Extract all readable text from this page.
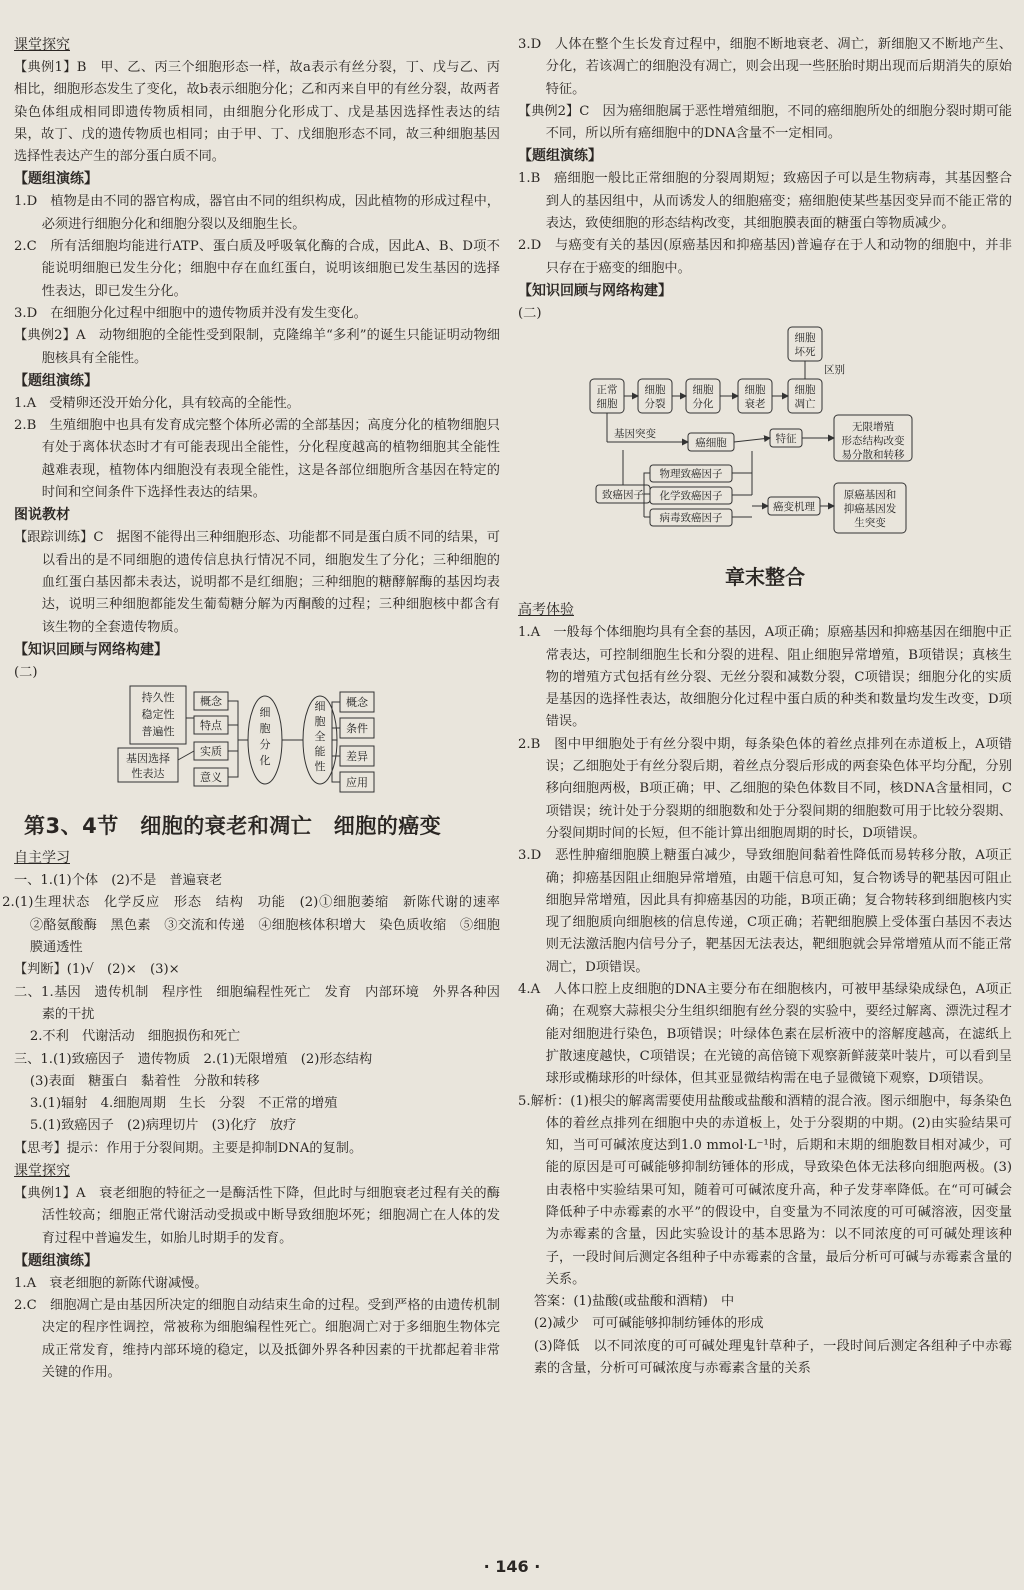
课堂探究

【典例1】B　甲、乙、丙三个细胞形态一样，故a表示有丝分裂，丁、戊与乙、丙相比，细胞形态发生了变化，故b表示细胞分化；乙和丙来自甲的有丝分裂，故两者染色体组成相同即遗传物质相同，由细胞分化形成丁、戊是基因选择性表达的结果，故丁、戊的遗传物质也相同；由于甲、丁、戊细胞形态不同，故三种细胞基因选择性表达产生的部分蛋白质不同。

【题组演练】

1.D　植物是由不同的器官构成，器官由不同的组织构成，因此植物的形成过程中，必须进行细胞分化和细胞分裂以及细胞生长。

2.C　所有活细胞均能进行ATP、蛋白质及呼吸氧化酶的合成，因此A、B、D项不能说明细胞已发生分化；细胞中存在血红蛋白，说明该细胞已发生基因的选择性表达，即已发生分化。

3.D　在细胞分化过程中细胞中的遗传物质并没有发生变化。

【典例2】A　动物细胞的全能性受到限制，克隆绵羊“多利”的诞生只能证明动物细胞核具有全能性。

【题组演练】

1.A　受精卵还没开始分化，具有较高的全能性。

2.B　生殖细胞中也具有发育成完整个体所必需的全部基因；高度分化的植物细胞只有处于离体状态时才有可能表现出全能性，分化程度越高的植物细胞其全能性越难表现，植物体内细胞没有表现全能性，这是各部位细胞所含基因在特定的时间和空间条件下选择性表达的结果。

图说教材

【跟踪训练】C　据图不能得出三种细胞形态、功能都不同是蛋白质不同的结果，可以看出的是不同细胞的遗传信息执行情况不同，细胞发生了分化；三种细胞的血红蛋白基因都未表达，说明都不是红细胞；三种细胞的糖酵解酶的基因均表达，说明三种细胞都能发生葡萄糖分解为丙酮酸的过程；三种细胞核中都含有该生物的全套遗传物质。

【知识回顾与网络构建】
(二)
持久性
稳定性
普遍性
基因选择
性表达
概念
特点
实质
意义
细
胞
分
化
细
胞
全
能
性
概念
条件
差异
应用
第3、4节　细胞的衰老和凋亡　细胞的癌变
自主学习

一、1.(1)个体　(2)不是　普遍衰老

2.(1)生理状态　化学反应　形态　结构　功能　(2)①细胞萎缩　新陈代谢的速率　②酪氨酸酶　黑色素　③交流和传递　④细胞核体积增大　染色质收缩　⑤细胞膜通透性

【判断】(1)√　(2)×　(3)×

二、1.基因　遗传机制　程序性　细胞编程性死亡　发育　内部环境　外界各种因素的干扰

2.不利　代谢活动　细胞损伤和死亡

三、1.(1)致癌因子　遗传物质　2.(1)无限增殖　(2)形态结构

(3)表面　糖蛋白　黏着性　分散和转移

3.(1)辐射　4.细胞周期　生长　分裂　不正常的增殖

5.(1)致癌因子　(2)病理切片　(3)化疗　放疗

【思考】提示：作用于分裂间期。主要是抑制DNA的复制。

课堂探究

【典例1】A　衰老细胞的特征之一是酶活性下降，但此时与细胞衰老过程有关的酶活性较高；细胞正常代谢活动受损或中断导致细胞坏死；细胞凋亡在人体的发育过程中普遍发生，如胎儿时期手的发育。

【题组演练】

1.A　衰老细胞的新陈代谢减慢。

2.C　细胞凋亡是由基因所决定的细胞自动结束生命的过程。受到严格的由遗传机制决定的程序性调控，常被称为细胞编程性死亡。细胞凋亡对于多细胞生物体完成正常发育，维持内部环境的稳定，以及抵御外界各种因素的干扰都起着非常关键的作用。

3.D　人体在整个生长发育过程中，细胞不断地衰老、凋亡，新细胞又不断地产生、分化，若该凋亡的细胞没有凋亡，则会出现一些胚胎时期出现而后期消失的原始特征。

【典例2】C　因为癌细胞属于恶性增殖细胞，不同的癌细胞所处的细胞分裂时期可能不同，所以所有癌细胞中的DNA含量不一定相同。

【题组演练】

1.B　癌细胞一般比正常细胞的分裂周期短；致癌因子可以是生物病毒，其基因整合到人的基因组中，从而诱发人的细胞癌变；癌细胞使某些基因变异而不能正常的表达，致使细胞的形态结构改变，其细胞膜表面的糖蛋白等物质减少。

2.D　与癌变有关的基因(原癌基因和抑癌基因)普遍存在于人和动物的细胞中，并非只存在于癌变的细胞中。

【知识回顾与网络构建】
(二)
正常
细胞
细胞
分裂
细胞
分化
细胞
衰老
细胞
凋亡
细胞
坏死
区别
基因突变
癌细胞	特征
无限增殖
形态结构改变
易分散和转移
致癌因子
物理致癌因子
化学致癌因子
病毒致癌因子
癌变机理
原癌基因和
抑癌基因发
生突变
章末整合
高考体验

1.A　一般每个体细胞均具有全套的基因，A项正确；原癌基因和抑癌基因在细胞中正常表达，可控制细胞生长和分裂的进程、阻止细胞异常增殖，B项错误；真核生物的增殖方式包括有丝分裂、无丝分裂和减数分裂，C项错误；细胞分化的实质是基因的选择性表达，故细胞分化过程中蛋白质的种类和数量均发生改变，D项错误。

2.B　图中甲细胞处于有丝分裂中期，每条染色体的着丝点排列在赤道板上，A项错误；乙细胞处于有丝分裂后期，着丝点分裂后形成的两套染色体平均分配，分别移向细胞两极，B项正确；甲、乙细胞的染色体数目不同，核DNA含量相同，C项错误；统计处于分裂期的细胞数和处于分裂间期的细胞数可用于比较分裂期、分裂间期时间的长短，但不能计算出细胞周期的时长，D项错误。

3.D　恶性肿瘤细胞膜上糖蛋白减少，导致细胞间黏着性降低而易转移分散，A项正确；抑癌基因阻止细胞异常增殖，由题干信息可知，复合物诱导的靶基因可阻止细胞异常增殖，因此具有抑癌基因的功能，B项正确；复合物转移到细胞核内实现了细胞质向细胞核的信息传递，C项正确；若靶细胞膜上受体蛋白基因不表达则无法激活胞内信号分子，靶基因无法表达，靶细胞就会异常增殖从而不能正常凋亡，D项错误。

4.A　人体口腔上皮细胞的DNA主要分布在细胞核内，可被甲基绿染成绿色，A项正确；在观察大蒜根尖分生组织细胞有丝分裂的实验中，要经过解离、漂洗过程才能对细胞进行染色，B项错误；叶绿体色素在层析液中的溶解度越高，在滤纸上扩散速度越快，C项错误；在光镜的高倍镜下观察新鲜菠菜叶装片，可以看到呈球形或椭球形的叶绿体，但其亚显微结构需在电子显微镜下观察，D项错误。

5.解析：(1)根尖的解离需要使用盐酸或盐酸和酒精的混合液。图示细胞中，每条染色体的着丝点排列在细胞中央的赤道板上，处于分裂期的中期。(2)由实验结果可知，当可可碱浓度达到1.0 mmol·L⁻¹时，后期和末期的细胞数目相对减少，可能的原因是可可碱能够抑制纺锤体的形成，导致染色体无法移向细胞两极。(3)由表格中实验结果可知，随着可可碱浓度升高，种子发芽率降低。在“可可碱会降低种子中赤霉素的水平”的假设中，自变量为不同浓度的可可碱溶液，因变量为赤霉素的含量，因此实验设计的基本思路为：以不同浓度的可可碱处理该种子，一段时间后测定各组种子中赤霉素的含量，最后分析可可碱与赤霉素含量的关系。

答案：(1)盐酸(或盐酸和酒精)　中

(2)减少　可可碱能够抑制纺锤体的形成

(3)降低　以不同浓度的可可碱处理鬼针草种子，一段时间后测定各组种子中赤霉素的含量，分析可可碱浓度与赤霉素含量的关系

· 146 ·
